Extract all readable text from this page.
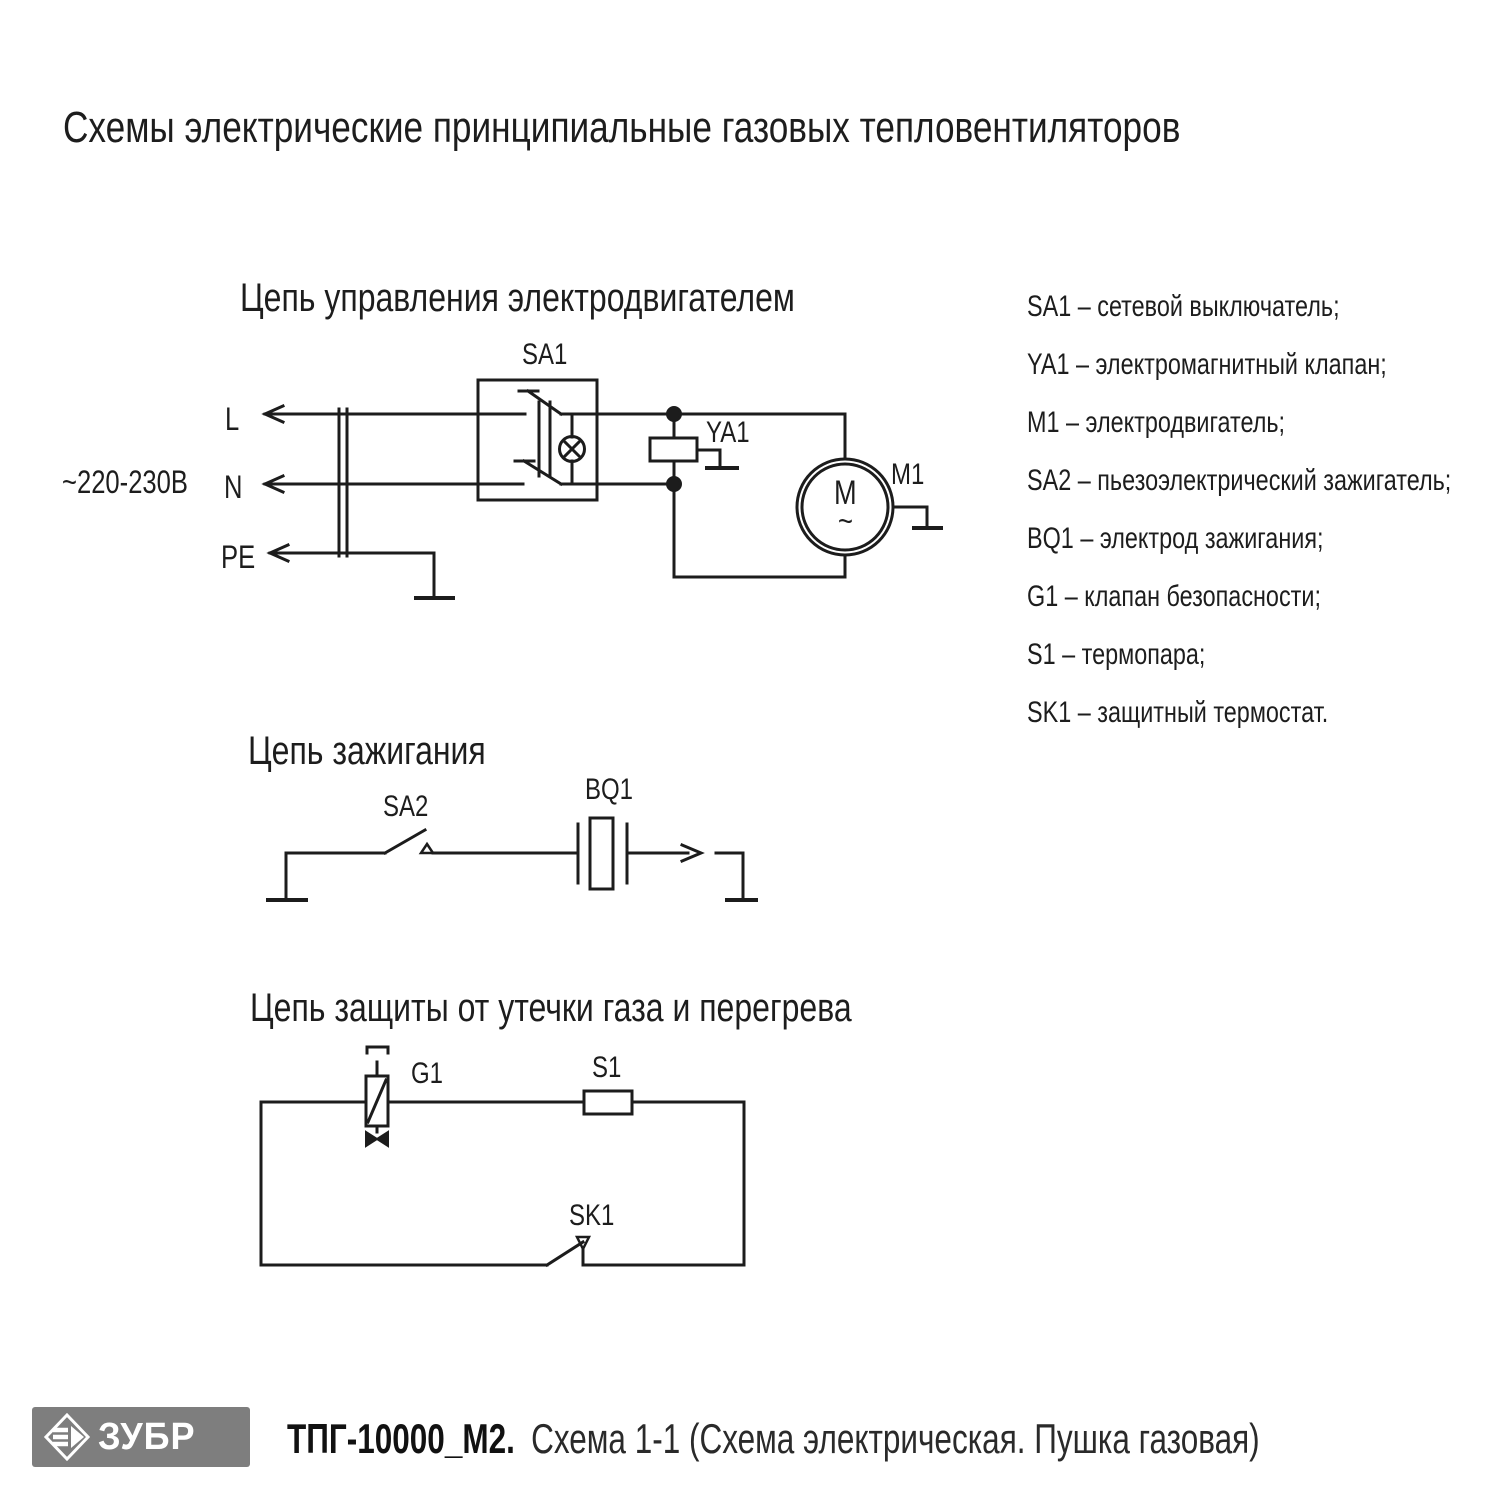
Схемы электрические принципиальные газовых тепловентиляторов
Цепь управления электродвигателем
Цепь зажигания
Цепь защиты от утечки газа и перегрева
~220-230В
L
N
PE
SA1
YA1
M1
M
~
SA2
BQ1
G1	S1
SK1
SA1 – сетевой выключатель;
YA1 – электромагнитный клапан;
M1 – электродвигатель;
SA2 – пьезоэлектрический зажигатель;
BQ1 – электрод зажигания;
G1 – клапан безопасности;
S1 – термопара;
SK1 – защитный термостат.
ЗУБР ТПГ-10000_М2. Схема 1-1 (Схема электрическая. Пушка газовая)
